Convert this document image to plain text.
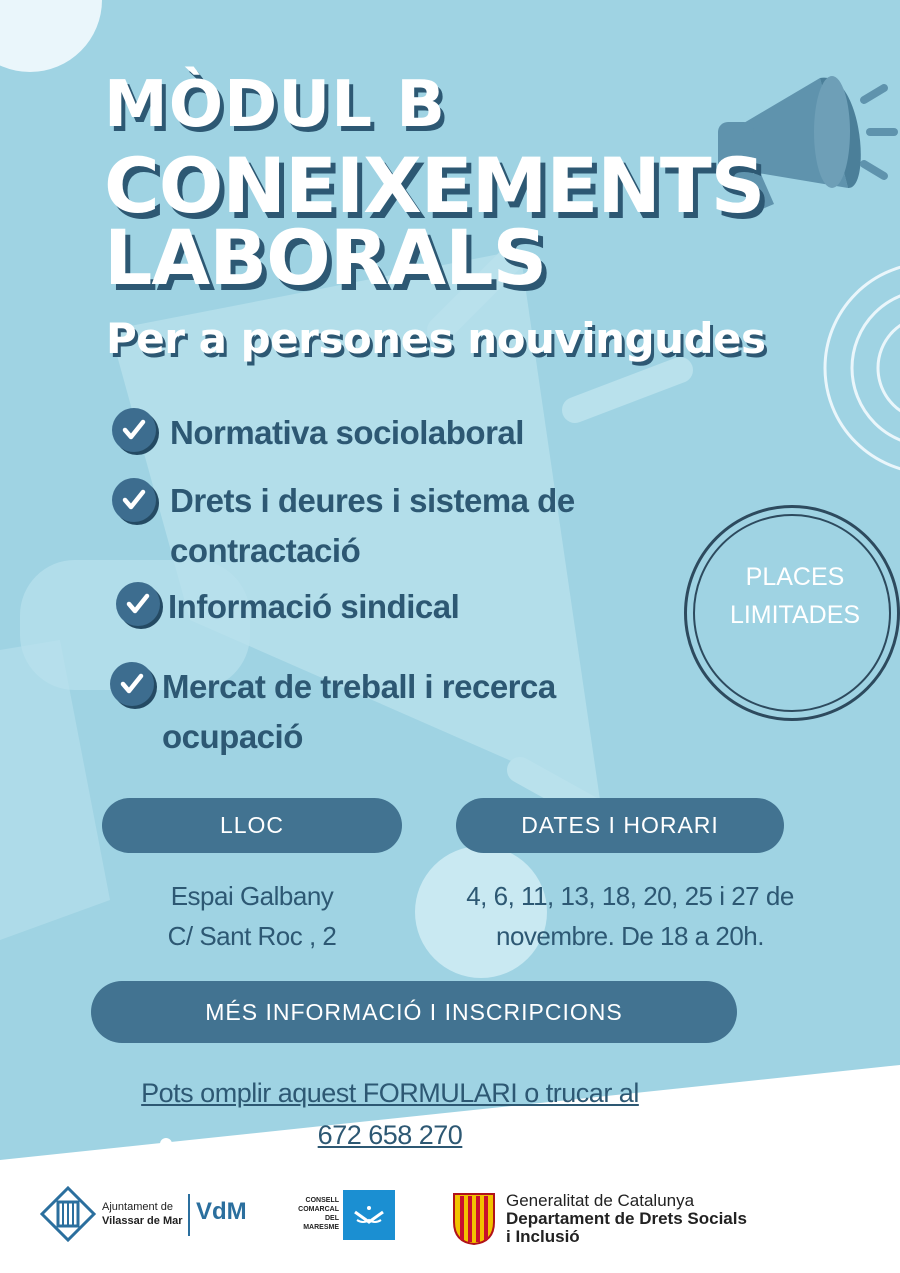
MÒDUL B
CONEIXEMENTS
LABORALS
Per a persones nouvingudes
Normativa sociolaboral
Drets i deures i sistema de
contractació
Informació sindical
Mercat de treball i recerca
ocupació
PLACES
LIMITADES
LLOC
Espai Galbany
C/ Sant Roc , 2
DATES I HORARI
4, 6, 11, 13, 18, 20, 25 i 27 de
novembre. De 18 a 20h.
MÉS INFORMACIÓ I INSCRIPCIONS
Pots omplir aquest FORMULARI o trucar al
672 658 270
Ajuntament de
Vilassar de Mar VdM	CONSELL
COMARCAL
DEL
MARESME
Generalitat de Catalunya
Departament de Drets Socials
i Inclusió
